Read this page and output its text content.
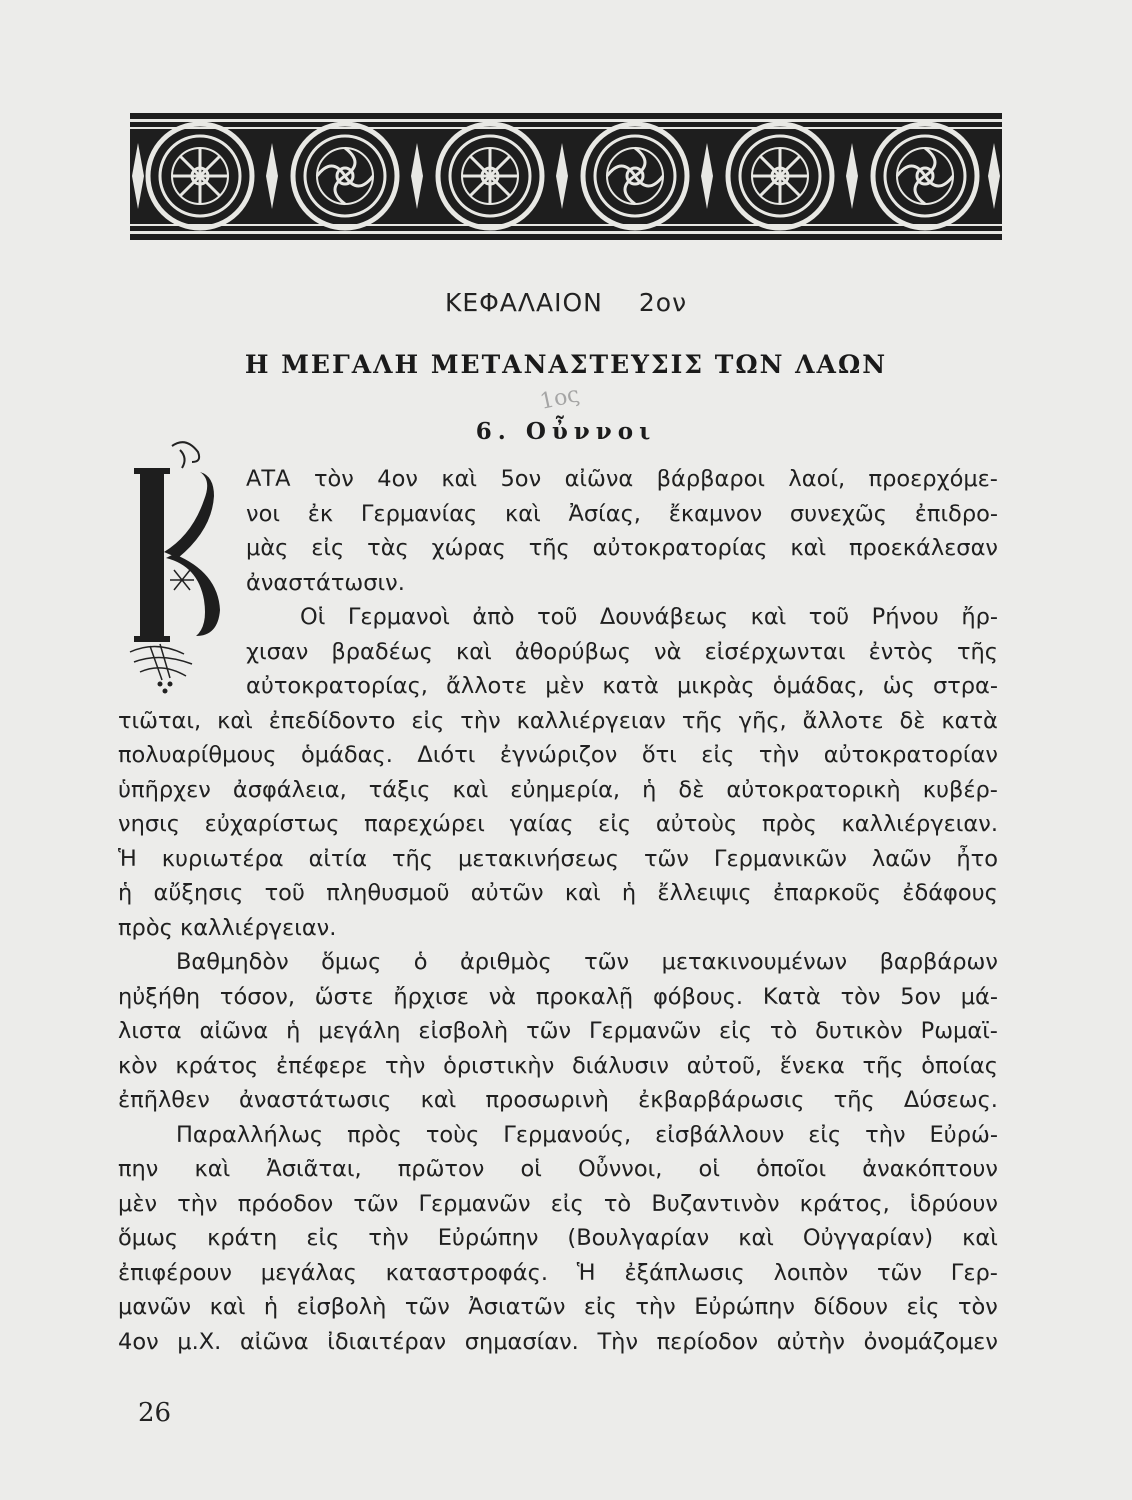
ΚΕΦΑΛΑΙΟΝ 2ον
Η ΜΕΓΑΛΗ ΜΕΤΑΝΑΣΤΕΥΣΙΣ ΤΩΝ ΛΑΩΝ
1ος
6. Οὖννοι
ΑΤΑ τὸν 4ον καὶ 5ον αἰῶνα βάρβαροι λαοί, προερχόμε-
νοι ἐκ Γερμανίας καὶ Ἀσίας, ἔκαμνον συνεχῶς ἐπιδρο-
μὰς εἰς τὰς χώρας τῆς αὐτοκρατορίας καὶ προεκάλεσαν
ἀναστάτωσιν.
Οἱ Γερμανοὶ ἀπὸ τοῦ Δουνάβεως καὶ τοῦ Ρήνου ἤρ-
χισαν βραδέως καὶ ἀθορύβως νὰ εἰσέρχωνται ἐντὸς τῆς
αὐτοκρατορίας, ἄλλοτε μὲν κατὰ μικρὰς ὁμάδας, ὡς στρα-
τιῶται, καὶ ἐπεδίδοντο εἰς τὴν καλλιέργειαν τῆς γῆς, ἄλλοτε δὲ κατὰ
πολυαρίθμους ὁμάδας. Διότι ἐγνώριζον ὅτι εἰς τὴν αὐτοκρατορίαν
ὑπῆρχεν ἀσφάλεια, τάξις καὶ εὐημερία, ἡ δὲ αὐτοκρατορικὴ κυβέρ-
νησις εὐχαρίστως παρεχώρει γαίας εἰς αὐτοὺς πρὸς καλλιέργειαν.
Ἡ κυριωτέρα αἰτία τῆς μετακινήσεως τῶν Γερμανικῶν λαῶν ἦτο
ἡ αὔξησις τοῦ πληθυσμοῦ αὐτῶν καὶ ἡ ἔλλειψις ἐπαρκοῦς ἐδάφους
πρὸς καλλιέργειαν.
Βαθμηδὸν ὅμως ὁ ἀριθμὸς τῶν μετακινουμένων βαρβάρων
ηὐξήθη τόσον, ὥστε ἤρχισε νὰ προκαλῇ φόβους. Κατὰ τὸν 5ον μά-
λιστα αἰῶνα ἡ μεγάλη εἰσβολὴ τῶν Γερμανῶν εἰς τὸ δυτικὸν Ρωμαϊ-
κὸν κράτος ἐπέφερε τὴν ὁριστικὴν διάλυσιν αὐτοῦ, ἕνεκα τῆς ὁποίας
ἐπῆλθεν ἀναστάτωσις καὶ προσωρινὴ ἐκβαρβάρωσις τῆς Δύσεως.
Παραλλήλως πρὸς τοὺς Γερμανούς, εἰσβάλλουν εἰς τὴν Εὐρώ-
πην καὶ Ἀσιᾶται, πρῶτον οἱ Οὖννοι, οἱ ὁποῖοι ἀνακόπτουν
μὲν τὴν πρόοδον τῶν Γερμανῶν εἰς τὸ Βυζαντινὸν κράτος, ἱδρύουν
ὅμως κράτη εἰς τὴν Εὐρώπην (Βουλγαρίαν καὶ Οὐγγαρίαν) καὶ
ἐπιφέρουν μεγάλας καταστροφάς. Ἡ ἐξάπλωσις λοιπὸν τῶν Γερ-
μανῶν καὶ ἡ εἰσβολὴ τῶν Ἀσιατῶν εἰς τὴν Εὐρώπην δίδουν εἰς τὸν
4ον μ.Χ. αἰῶνα ἰδιαιτέραν σημασίαν. Τὴν περίοδον αὐτὴν ὀνομάζομεν
26
